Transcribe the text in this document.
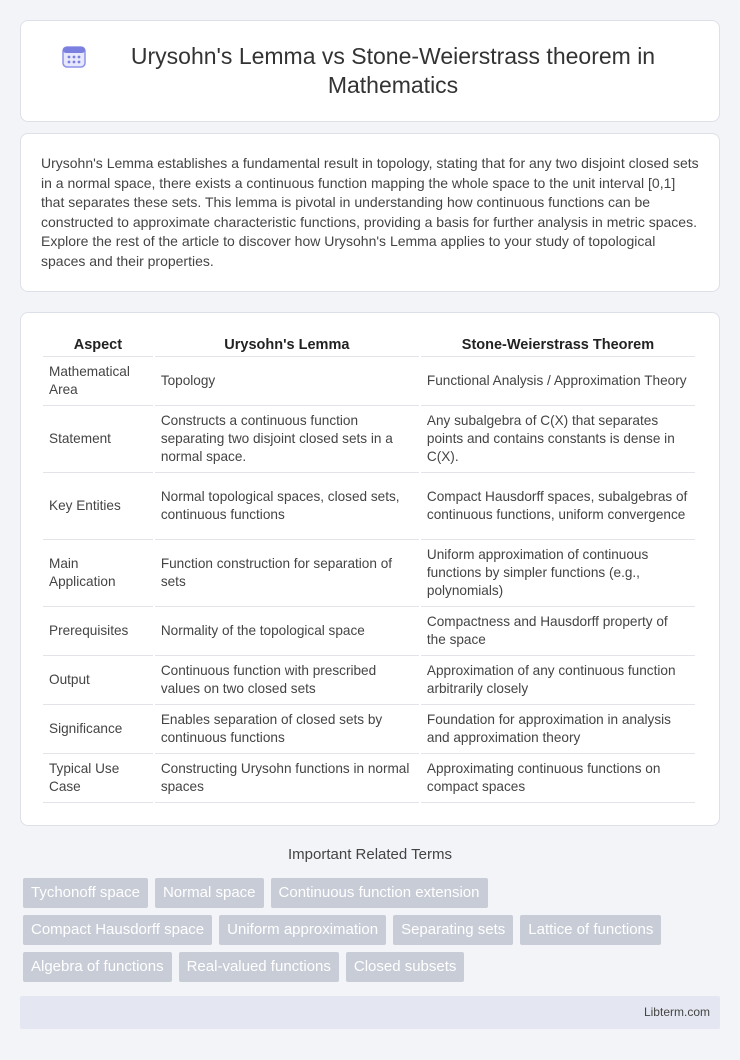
Urysohn's Lemma vs Stone-Weierstrass theorem in Mathematics

Urysohn's Lemma establishes a fundamental result in topology, stating that for any two disjoint closed sets in a normal space, there exists a continuous function mapping the whole space to the unit interval [0,1] that separates these sets. This lemma is pivotal in understanding how continuous functions can be constructed to approximate characteristic functions, providing a basis for further analysis in metric spaces. Explore the rest of the article to discover how Urysohn's Lemma applies to your study of topological spaces and their properties.

Aspect	Urysohn's Lemma	Stone-Weierstrass Theorem
Mathematical Area	Topology	Functional Analysis / Approximation Theory
Statement	Constructs a continuous function separating two disjoint closed sets in a normal space.	Any subalgebra of C(X) that separates points and contains constants is dense in C(X).
Key Entities	Normal topological spaces, closed sets, continuous functions	Compact Hausdorff spaces, subalgebras of continuous functions, uniform convergence
Main Application	Function construction for separation of sets	Uniform approximation of continuous functions by simpler functions (e.g., polynomials)
Prerequisites	Normality of the topological space	Compactness and Hausdorff property of the space
Output	Continuous function with prescribed values on two closed sets	Approximation of any continuous function arbitrarily closely
Significance	Enables separation of closed sets by continuous functions	Foundation for approximation in analysis and approximation theory
Typical Use Case	Constructing Urysohn functions in normal spaces	Approximating continuous functions on compact spaces
Important Related Terms
Tychonoff space	Normal space	Continuous function extension
Compact Hausdorff space	Uniform approximation	Separating sets	Lattice of functions
Algebra of functions	Real-valued functions	Closed subsets
Libterm.com
